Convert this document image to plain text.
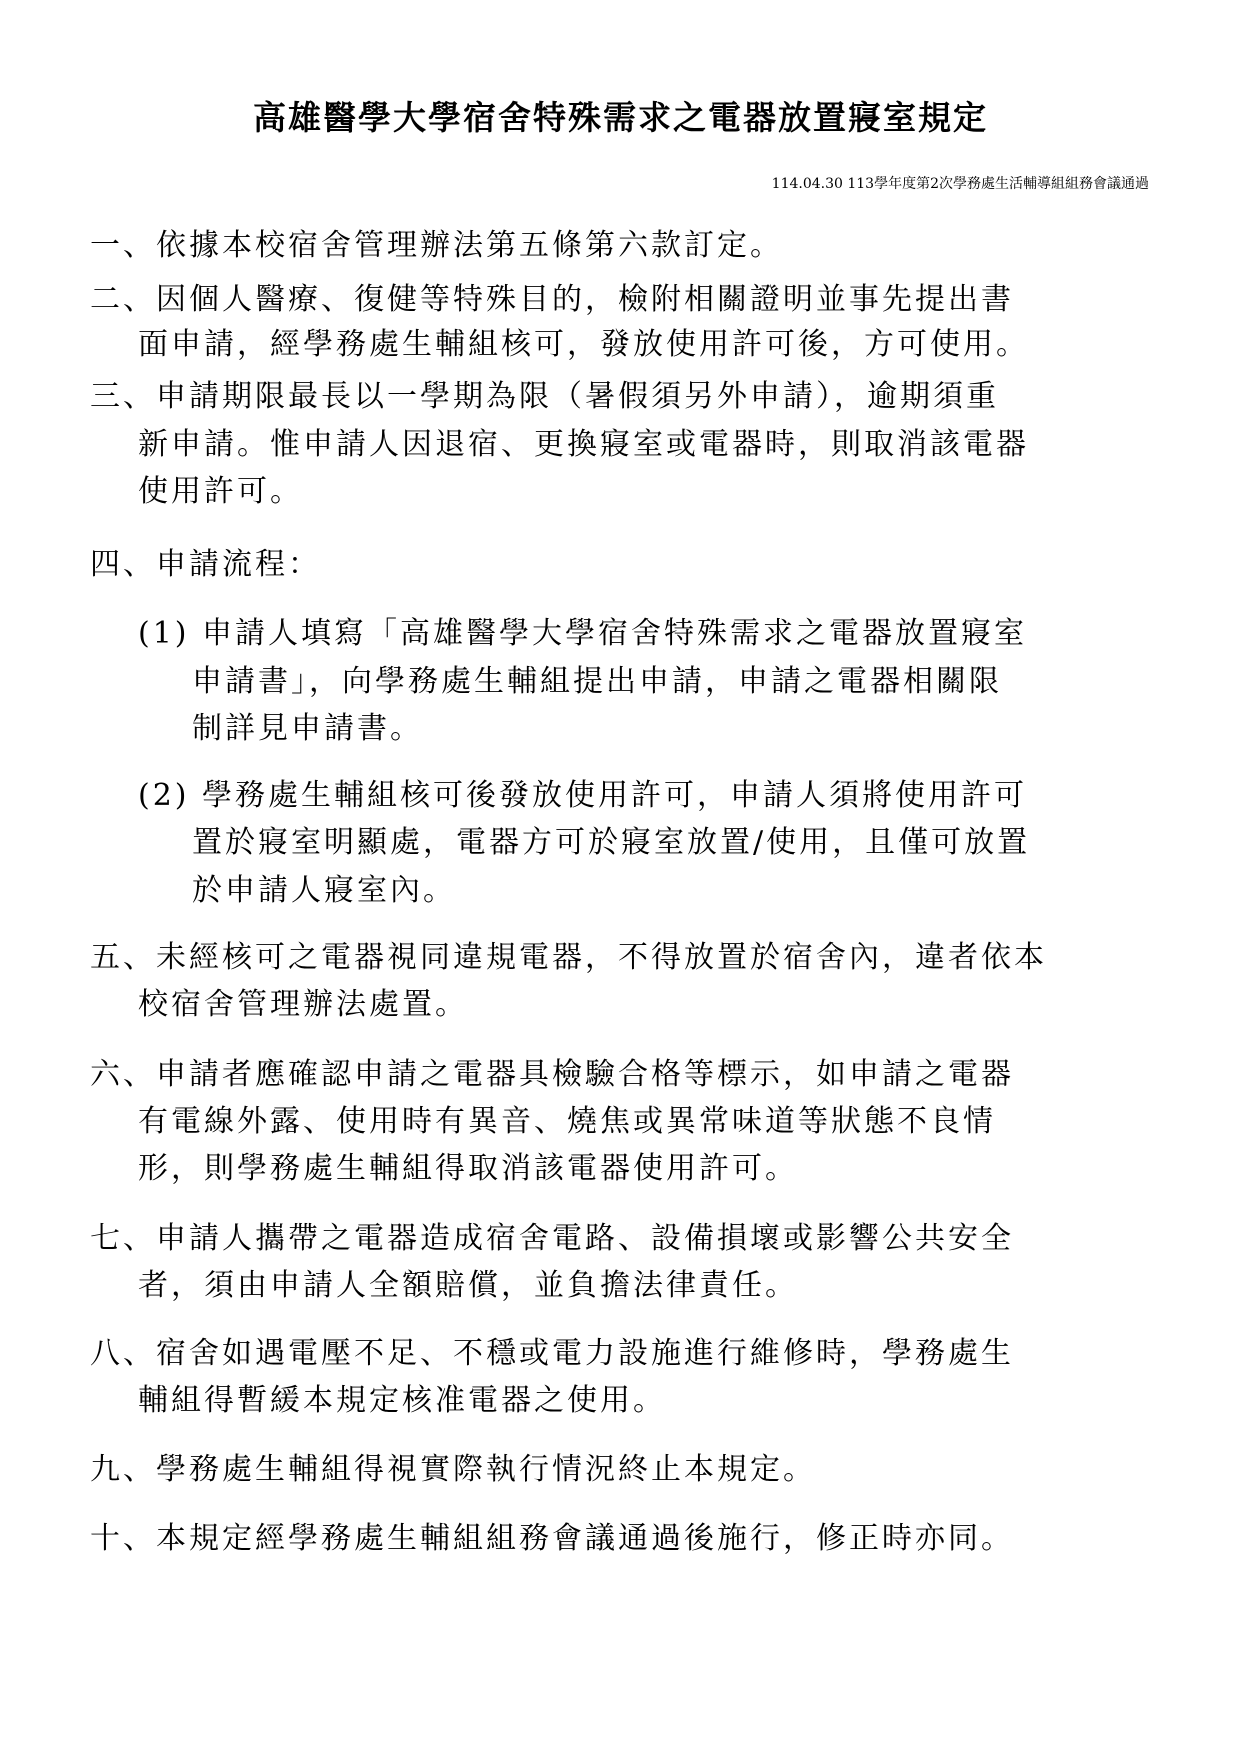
高雄醫學大學宿舍特殊需求之電器放置寢室規定
114.04.30 113學年度第2次學務處生活輔導組組務會議通過

一、依據本校宿舍管理辦法第五條第六款訂定。

二、因個人醫療、復健等特殊目的，檢附相關證明並事先提出書

面申請，經學務處生輔組核可，發放使用許可後，方可使用。

三、申請期限最長以一學期為限（暑假須另外申請），逾期須重

新申請。惟申請人因退宿、更換寢室或電器時，則取消該電器

使用許可。

四、申請流程：

(1) 申請人填寫「高雄醫學大學宿舍特殊需求之電器放置寢室

申請書」，向學務處生輔組提出申請，申請之電器相關限

制詳見申請書。

(2) 學務處生輔組核可後發放使用許可，申請人須將使用許可

置於寢室明顯處，電器方可於寢室放置/使用，且僅可放置

於申請人寢室內。

五、未經核可之電器視同違規電器，不得放置於宿舍內，違者依本

校宿舍管理辦法處置。

六、申請者應確認申請之電器具檢驗合格等標示，如申請之電器

有電線外露、使用時有異音、燒焦或異常味道等狀態不良情

形，則學務處生輔組得取消該電器使用許可。

七、申請人攜帶之電器造成宿舍電路、設備損壞或影響公共安全

者，須由申請人全額賠償，並負擔法律責任。

八、宿舍如遇電壓不足、不穩或電力設施進行維修時，學務處生

輔組得暫緩本規定核准電器之使用。

九、學務處生輔組得視實際執行情況終止本規定。

十、本規定經學務處生輔組組務會議通過後施行，修正時亦同。
